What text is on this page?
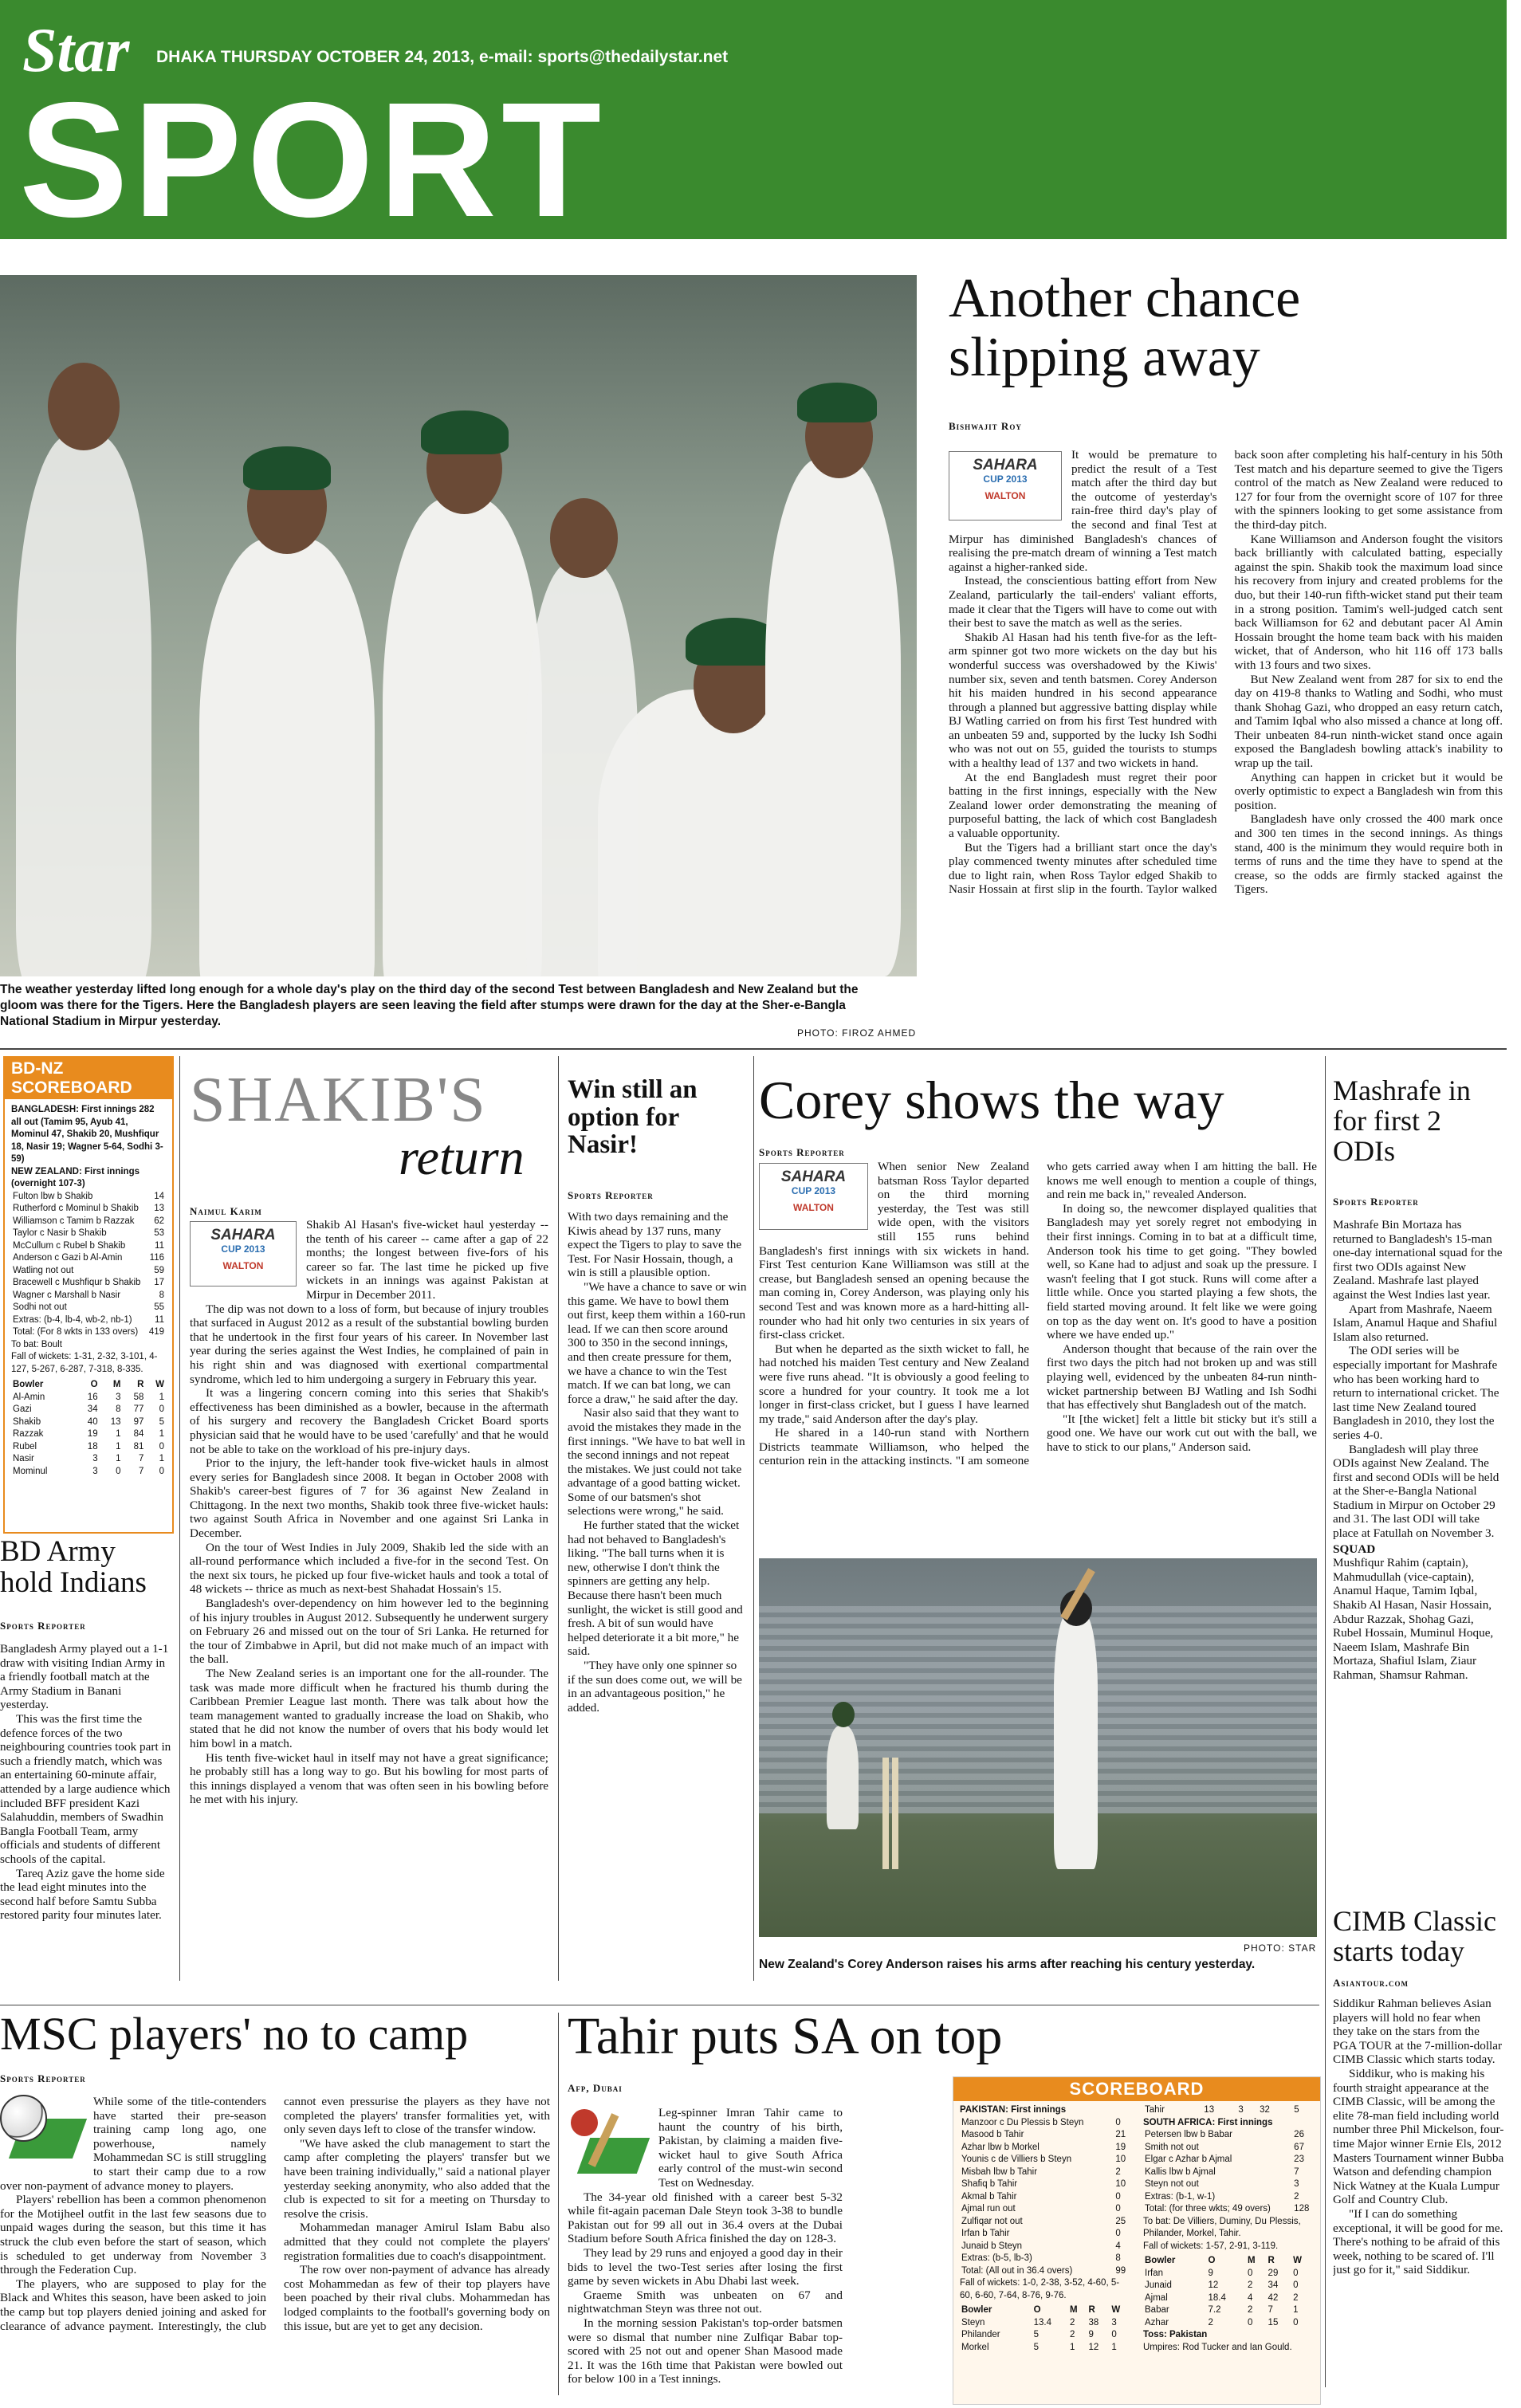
Star DHAKA THURSDAY OCTOBER 24, 2013, e-mail: sports@thedailystar.net
SPORT
The weather yesterday lifted long enough for a whole day's play on the third day of the second Test between Bangladesh and New Zealand but the gloom was there for the Tigers. Here the Bangladesh players are seen leaving the field after stumps were drawn for the day at the Sher-e-Bangla National Stadium in Mirpur yesterday.
PHOTO: FIROZ AHMED
Another chance slipping away
Bishwajit Roy
SAHARA
CUP 2013
WALTON

It would be premature to predict the result of a Test match after the third day but the outcome of yesterday's rain-free third day's play of the second and final Test at Mirpur has diminished Bangladesh's chances of realising the pre-match dream of winning a Test match against a higher-ranked side.

Instead, the conscientious batting effort from New Zealand, particularly the tail-enders' valiant efforts, made it clear that the Tigers will have to come out with their best to save the match as well as the series.

Shakib Al Hasan had his tenth five-for as the left-arm spinner got two more wickets on the day but his wonderful success was overshadowed by the Kiwis' number six, seven and tenth batsmen. Corey Anderson hit his maiden hundred in his second appearance through a planned but aggressive batting display while BJ Watling carried on from his first Test hundred with an unbeaten 59 and, supported by the lucky Ish Sodhi who was not out on 55, guided the tourists to stumps with a healthy lead of 137 and two wickets in hand.

At the end Bangladesh must regret their poor batting in the first innings, especially with the New Zealand lower order demonstrating the meaning of purposeful batting, the lack of which cost Bangladesh a valuable opportunity.

But the Tigers had a brilliant start once the day's play commenced twenty minutes after scheduled time due to light rain, when Ross Taylor edged Shakib to Nasir Hossain at first slip in the fourth. Taylor walked back soon after completing his half-century in his 50th Test match and his departure seemed to give the Tigers control of the match as New Zealand were reduced to 127 for four from the overnight score of 107 for three with the spinners looking to get some assistance from the third-day pitch.

Kane Williamson and Anderson fought the visitors back brilliantly with calculated batting, especially against the spin. Shakib took the maximum load since his recovery from injury and created problems for the duo, but their 140-run fifth-wicket stand put their team in a strong position. Tamim's well-judged catch sent back Williamson for 62 and debutant pacer Al Amin Hossain brought the home team back with his maiden wicket, that of Anderson, who hit 116 off 173 balls with 13 fours and two sixes.

But New Zealand went from 287 for six to end the day on 419-8 thanks to Watling and Sodhi, who must thank Shohag Gazi, who dropped an easy return catch, and Tamim Iqbal who also missed a chance at long off. Their unbeaten 84-run ninth-wicket stand once again exposed the Bangladesh bowling attack's inability to wrap up the tail.

Anything can happen in cricket but it would be overly optimistic to expect a Bangladesh win from this position.

Bangladesh have only crossed the 400 mark once and 300 ten times in the second innings. As things stand, 400 is the minimum they would require both in terms of runs and the time they have to spend at the crease, so the odds are firmly stacked against the Tigers.

BD-NZ SCOREBOARD
BANGLADESH: First innings 282 all out (Tamim 95, Ayub 41, Mominul 47, Shakib 20, Mushfiqur 18, Nasir 19; Wagner 5-64, Sodhi 3-59)
NEW ZEALAND: First innings (overnight 107-3)
Fulton lbw b Shakib	14
Rutherford c Mominul b Shakib	13
Williamson c Tamim b Razzak	62
Taylor c Nasir b Shakib	53
McCullum c Rubel b Shakib	11
Anderson c Gazi b Al-Amin	116
Watling not out	59
Bracewell c Mushfiqur b Shakib	17
Wagner c Marshall b Nasir	8
Sodhi not out	55
Extras: (b-4, lb-4, wb-2, nb-1)	11
Total: (For 8 wkts in 133 overs)	419
To bat: Boult
Fall of wickets: 1-31, 2-32, 3-101, 4-127, 5-267, 6-287, 7-318, 8-335.
Bowler	O	M	R	W
Al-Amin	16	3	58	1
Gazi	34	8	77	0
Shakib	40	13	97	5
Razzak	19	1	84	1
Rubel	18	1	81	0
Nasir	3	1	7	1
Mominul	3	0	7	0
BD Army hold Indians
Sports Reporter

Bangladesh Army played out a 1-1 draw with visiting Indian Army in a friendly football match at the Army Stadium in Banani yesterday.

This was the first time the defence forces of the two neighbouring countries took part in such a friendly match, which was an entertaining 60-minute affair, attended by a large audience which included BFF president Kazi Salahuddin, members of Swadhin Bangla Football Team, army officials and students of different schools of the capital.

Tareq Aziz gave the home side the lead eight minutes into the second half before Samtu Subba restored parity four minutes later.

SHAKIB'S
return
Naimul Karim
SAHARA
CUP 2013
WALTON

Shakib Al Hasan's five-wicket haul yesterday -- the tenth of his career -- came after a gap of 22 months; the longest between five-fors of his career so far. The last time he picked up five wickets in an innings was against Pakistan at Mirpur in December 2011.

The dip was not down to a loss of form, but because of injury troubles that surfaced in August 2012 as a result of the substantial bowling burden that he undertook in the first four years of his career. In November last year during the series against the West Indies, he complained of pain in his right shin and was diagnosed with exertional compartmental syndrome, which led to him undergoing a surgery in February this year.

It was a lingering concern coming into this series that Shakib's effectiveness has been diminished as a bowler, because in the aftermath of his surgery and recovery the Bangladesh Cricket Board sports physician said that he would have to be used 'carefully' and that he would not be able to take on the workload of his pre-injury days.

Prior to the injury, the left-hander took five-wicket hauls in almost every series for Bangladesh since 2008. It began in October 2008 with Shakib's career-best figures of 7 for 36 against New Zealand in Chittagong. In the next two months, Shakib took three five-wicket hauls: two against South Africa in November and one against Sri Lanka in December.

On the tour of West Indies in July 2009, Shakib led the side with an all-round performance which included a five-for in the second Test. On the next six tours, he picked up four five-wicket hauls and took a total of 48 wickets -- thrice as much as next-best Shahadat Hossain's 15.

Bangladesh's over-dependency on him however led to the beginning of his injury troubles in August 2012. Subsequently he underwent surgery on February 26 and missed out on the tour of Sri Lanka. He returned for the tour of Zimbabwe in April, but did not make much of an impact with the ball.

The New Zealand series is an important one for the all-rounder. The task was made more difficult when he fractured his thumb during the Caribbean Premier League last month. There was talk about how the team management wanted to gradually increase the load on Shakib, who stated that he did not know the number of overs that his body would let him bowl in a match.

His tenth five-wicket haul in itself may not have a great significance; he probably still has a long way to go. But his bowling for most parts of this innings displayed a venom that was often seen in his bowling before he met with his injury.

Win still an option for Nasir!
Sports Reporter

With two days remaining and the Kiwis ahead by 137 runs, many expect the Tigers to play to save the Test. For Nasir Hossain, though, a win is still a plausible option.

"We have a chance to save or win this game. We have to bowl them out first, keep them within a 160-run lead. If we can then score around 300 to 350 in the second innings, and then create pressure for them, we have a chance to win the Test match. If we can bat long, we can force a draw," he said after the day.

Nasir also said that they want to avoid the mistakes they made in the first innings. "We have to bat well in the second innings and not repeat the mistakes. We just could not take advantage of a good batting wicket. Some of our batsmen's shot selections were wrong," he said.

He further stated that the wicket had not behaved to Bangladesh's liking. "The ball turns when it is new, otherwise I don't think the spinners are getting any help. Because there hasn't been much sunlight, the wicket is still good and fresh. A bit of sun would have helped deteriorate it a bit more," he said.

"They have only one spinner so if the sun does come out, we will be in an advantageous position," he added.

Corey shows the way
Sports Reporter
SAHARA
CUP 2013
WALTON

When senior New Zealand batsman Ross Taylor departed on the third morning yesterday, the Test was still wide open, with the visitors still 155 runs behind Bangladesh's first innings with six wickets in hand. First Test centurion Kane Williamson was still at the crease, but Bangladesh sensed an opening because the man coming in, Corey Anderson, was playing only his second Test and was known more as a hard-hitting all-rounder who had hit only two centuries in six years of first-class cricket.

But when he departed as the sixth wicket to fall, he had notched his maiden Test century and New Zealand were five runs ahead. "It is obviously a good feeling to score a hundred for your country. It took me a lot longer in first-class cricket, but I guess I have learned my trade," said Anderson after the day's play.

He shared in a 140-run stand with Northern Districts teammate Williamson, who helped the centurion rein in the attacking instincts. "I am someone who gets carried away when I am hitting the ball. He knows me well enough to mention a couple of things, and rein me back in," revealed Anderson.

In doing so, the newcomer displayed qualities that Bangladesh may yet sorely regret not embodying in their first innings. Coming in to bat at a difficult time, Anderson took his time to get going. "They bowled well, so Kane had to adjust and soak up the pressure. I wasn't feeling that I got stuck. Runs will come after a little while. Once you started playing a few shots, the field started moving around. It felt like we were going on top as the day went on. It's good to have a position where we have ended up."

Anderson thought that because of the rain over the first two days the pitch had not broken up and was still playing well, evidenced by the unbeaten 84-run ninth-wicket partnership between BJ Watling and Ish Sodhi that has effectively shut Bangladesh out of the match.

"It [the wicket] felt a little bit sticky but it's still a good one. We have our work cut out with the ball, we have to stick to our plans," Anderson said.

PHOTO: STAR
New Zealand's Corey Anderson raises his arms after reaching his century yesterday.
Mashrafe in for first 2 ODIs
Sports Reporter

Mashrafe Bin Mortaza has returned to Bangladesh's 15-man one-day international squad for the first two ODIs against New Zealand. Mashrafe last played against the West Indies last year.

Apart from Mashrafe, Naeem Islam, Anamul Haque and Shafiul Islam also returned.

The ODI series will be especially important for Mashrafe who has been working hard to return to international cricket. The last time New Zealand toured Bangladesh in 2010, they lost the series 4-0.

Bangladesh will play three ODIs against New Zealand. The first and second ODIs will be held at the Sher-e-Bangla National Stadium in Mirpur on October 29 and 31. The last ODI will take place at Fatullah on November 3.

SQUAD

Mushfiqur Rahim (captain), Mahmudullah (vice-captain), Anamul Haque, Tamim Iqbal, Shakib Al Hasan, Nasir Hossain, Abdur Razzak, Shohag Gazi, Rubel Hossain, Muminul Hoque, Naeem Islam, Mashrafe Bin Mortaza, Shafiul Islam, Ziaur Rahman, Shamsur Rahman.

CIMB Classic starts today
Asiantour.com

Siddikur Rahman believes Asian players will hold no fear when they take on the stars from the PGA TOUR at the 7-million-dollar CIMB Classic which starts today.

Siddikur, who is making his fourth straight appearance at the CIMB Classic, will be among the elite 78-man field including world number three Phil Mickelson, four-time Major winner Ernie Els, 2012 Masters Tournament winner Bubba Watson and defending champion Nick Watney at the Kuala Lumpur Golf and Country Club.

"If I can do something exceptional, it will be good for me. There's nothing to be afraid of this week, nothing to be scared of. I'll just go for it," said Siddikur.

MSC players' no to camp
Sports Reporter

While some of the title-contenders have started their pre-season training camp long ago, one powerhouse, namely Mohammedan SC is still struggling to start their camp due to a row over non-payment of advance money to players.

Players' rebellion has been a common phenomenon for the Motijheel outfit in the last few seasons due to unpaid wages during the season, but this time it has struck the club even before the start of season, which is scheduled to get underway from November 3 through the Federation Cup.

The players, who are supposed to play for the Black and Whites this season, have been asked to join the camp but top players denied joining and asked for clearance of advance payment. Interestingly, the club cannot even pressurise the players as they have not completed the players' transfer formalities yet, with only seven days left to close of the transfer window.

"We have asked the club management to start the camp after completing the players' transfer but we have been training individually," said a national player yesterday seeking anonymity, who also added that the club is expected to sit for a meeting on Thursday to resolve the crisis.

Mohammedan manager Amirul Islam Babu also admitted that they could not complete the players' registration formalities due to coach's disappointment.

The row over non-payment of advance has already cost Mohammedan as few of their top players have been poached by their rival clubs. Mohammedan has lodged complaints to the football's governing body on this issue, but are yet to get any decision.

Tahir puts SA on top
Afp, Dubai

Leg-spinner Imran Tahir came to haunt the country of his birth, Pakistan, by claiming a maiden five-wicket haul to give South Africa early control of the must-win second Test on Wednesday.

The 34-year old finished with a career best 5-32 while fit-again paceman Dale Steyn took 3-38 to bundle Pakistan out for 99 all out in 36.4 overs at the Dubai Stadium before South Africa finished the day on 128-3.

They lead by 29 runs and enjoyed a good day in their bids to level the two-Test series after losing the first game by seven wickets in Abu Dhabi last week.

Graeme Smith was unbeaten on 67 and nightwatchman Steyn was three not out.

In the morning session Pakistan's top-order batsmen were so dismal that number nine Zulfiqar Babar top-scored with 25 not out and opener Shan Masood made 21. It was the 16th time that Pakistan were bowled out for below 100 in a Test innings.

SCOREBOARD
PAKISTAN: First innings
Manzoor c Du Plessis b Steyn	0
Masood b Tahir	21
Azhar lbw b Morkel	19
Younis c de Villiers b Steyn	10
Misbah lbw b Tahir	2
Shafiq b Tahir	10
Akmal b Tahir	0
Ajmal run out	0
Zulfiqar not out	25
Irfan b Tahir	0
Junaid b Steyn	4
Extras: (b-5, lb-3)	8
Total: (All out in 36.4 overs)	99
Fall of wickets: 1-0, 2-38, 3-52, 4-60, 5-60, 6-60, 7-64, 8-76, 9-76.
Bowler	O	M	R	W
Steyn	13.4	2	38	3
Philander	5	2	9	0
Morkel	5	1	12	1
Tahir	13	3	32	5
SOUTH AFRICA: First innings
Petersen lbw b Babar	26
Smith not out	67
Elgar c Azhar b Ajmal	23
Kallis lbw b Ajmal	7
Steyn not out	3
Extras: (b-1, w-1)	2
Total: (for three wkts; 49 overs)	128
To bat: De Villiers, Duminy, Du Plessis, Philander, Morkel, Tahir.
Fall of wickets: 1-57, 2-91, 3-119.
Bowler	O	M	R	W
Irfan	9	0	29	0
Junaid	12	2	34	0
Ajmal	18.4	4	42	2
Babar	7.2	2	7	1
Azhar	2	0	15	0
Toss: Pakistan
Umpires: Rod Tucker and Ian Gould.
